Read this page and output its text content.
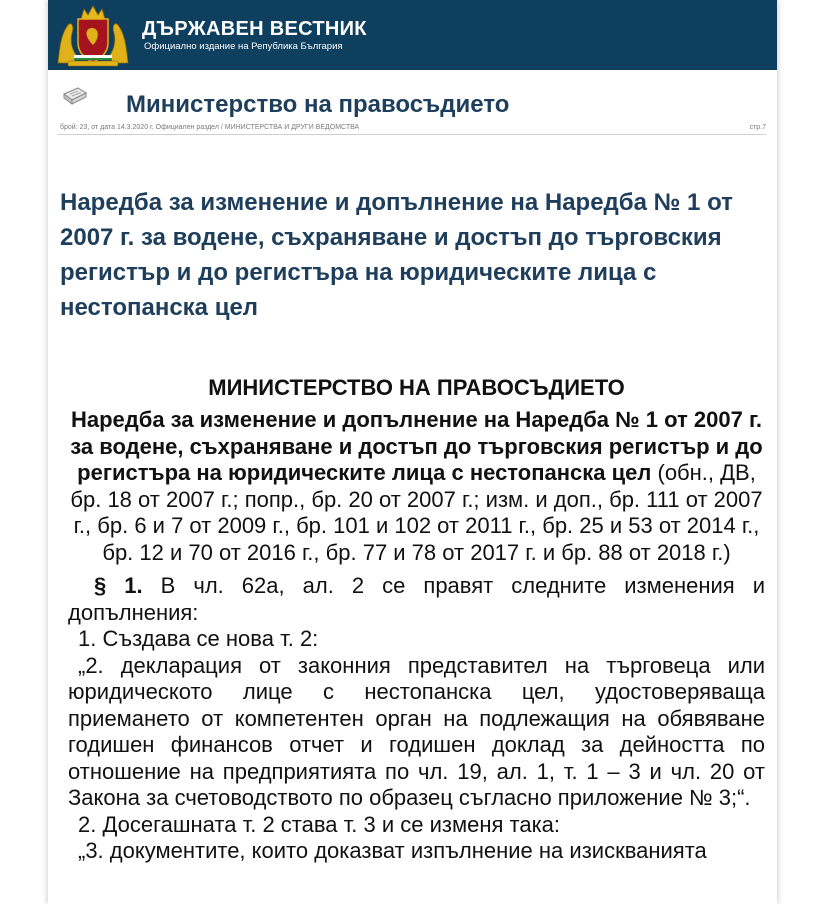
ДЪРЖАВЕН ВЕСТНИК
Официално издание на Република България
Министерство на правосъдието
брой: 23, от дата 14.3.2020 г. Официален раздел / МИНИСТЕРСТВА И ДРУГИ ВЕДОМСТВА	стр.7
Наредба за изменение и допълнение на Наредба № 1 от 2007 г. за водене, съхраняване и достъп до търговския регистър и до регистъра на юридическите лица с нестопанска цел

МИНИСТЕРСТВО НА ПРАВОСЪДИЕТО

Наредба за изменение и допълнение на Наредба № 1 от 2007 г. за водене, съхраняване и достъп до търговския регистър и до регистъра на юридическите лица с нестопанска цел (обн., ДВ, бр. 18 от 2007 г.; попр., бр. 20 от 2007 г.; изм. и доп., бр. 111 от 2007 г., бр. 6 и 7 от 2009 г., бр. 101 и 102 от 2011 г., бр. 25 и 53 от 2014 г., бр. 12 и 70 от 2016 г., бр. 77 и 78 от 2017 г. и бр. 88 от 2018 г.)

§ 1. В чл. 62а, ал. 2 се правят следните изменения и допълнения:

1. Създава се нова т. 2:

„2. декларация от законния представител на търговеца или юридическото лице с нестопанска цел, удостоверяваща приемането от компетентен орган на подлежащия на обявяване годишен финансов отчет и годишен доклад за дейността по отношение на предприятията по чл. 19, ал. 1, т. 1 – 3 и чл. 20 от Закона за счетоводството по образец съгласно приложение № 3;“.

2. Досегашната т. 2 става т. 3 и се изменя така:

„3. документите, които доказват изпълнение на изискванията
